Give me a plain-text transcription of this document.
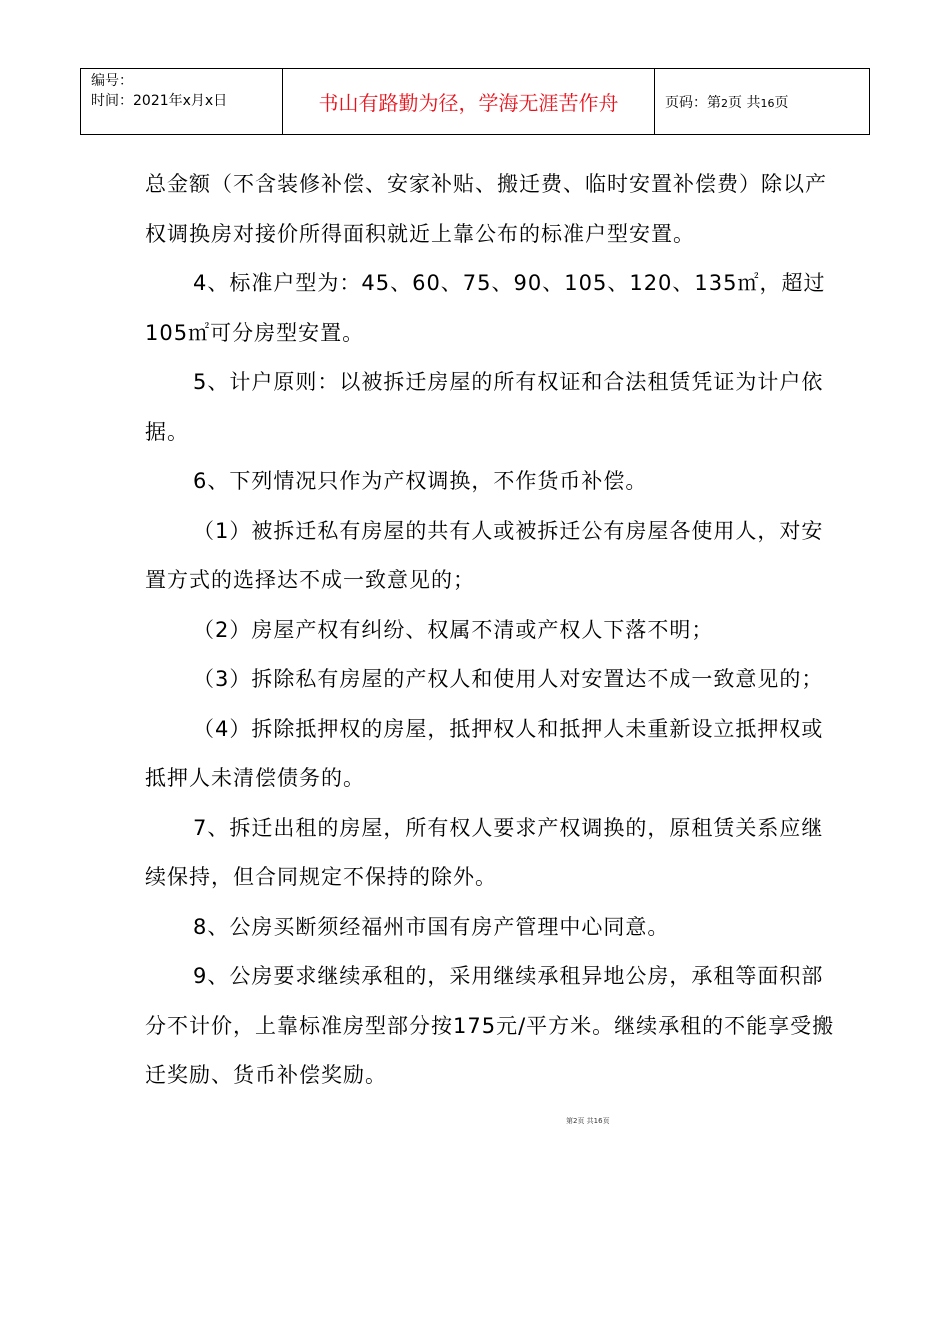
编号：
时间：2021年x月x日	书山有路勤为径，学海无涯苦作舟	页码：第2页 共16页

总金额（不含装修补偿、安家补贴、搬迁费、临时安置补偿费）除以产权调换房对接价所得面积就近上靠公布的标准户型安置。

4、标准户型为：45、60、75、90、105、120、135㎡，超过105㎡可分房型安置。

5、计户原则：以被拆迁房屋的所有权证和合法租赁凭证为计户依据。

6、下列情况只作为产权调换，不作货币补偿。

（1）被拆迁私有房屋的共有人或被拆迁公有房屋各使用人，对安置方式的选择达不成一致意见的；

（2）房屋产权有纠纷、权属不清或产权人下落不明；

（3）拆除私有房屋的产权人和使用人对安置达不成一致意见的；

（4）拆除抵押权的房屋，抵押权人和抵押人未重新设立抵押权或抵押人未清偿债务的。

7、拆迁出租的房屋，所有权人要求产权调换的，原租赁关系应继续保持，但合同规定不保持的除外。

8、公房买断须经福州市国有房产管理中心同意。

9、公房要求继续承租的，采用继续承租异地公房，承租等面积部分不计价，上靠标准房型部分按175元/平方米。继续承租的不能享受搬迁奖励、货币补偿奖励。

第2页 共16页
